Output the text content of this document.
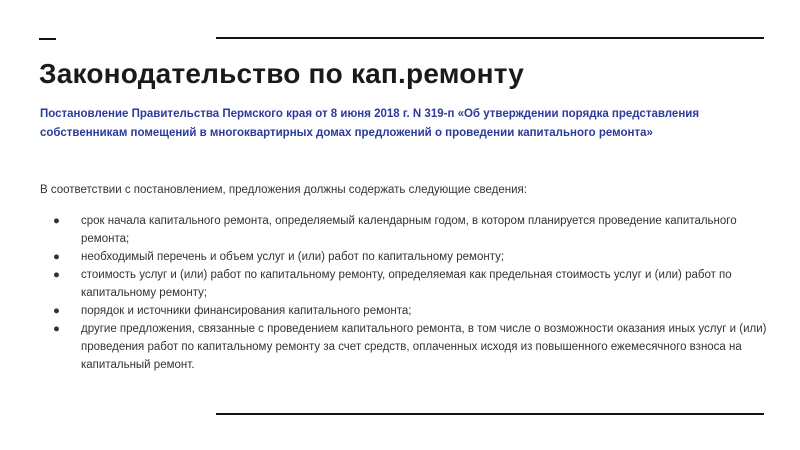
Законодательство по кап.ремонту

Постановление Правительства Пермского края от 8 июня 2018 г. N 319-п «Об утверждении порядка представления собственникам помещений в многоквартирных домах предложений о проведении капитального ремонта»

В соответствии с постановлением, предложения должны содержать следующие сведения:

● срок начала капитального ремонта, определяемый календарным годом, в котором планируется проведение капитального ремонта;
● необходимый перечень и объем услуг и (или) работ по капитальному ремонту;
● стоимость услуг и (или) работ по капитальному ремонту, определяемая как предельная стоимость услуг и (или) работ по капитальному ремонту;
● порядок и источники финансирования капитального ремонта;
● другие предложения, связанные с проведением капитального ремонта, в том числе о возможности оказания иных услуг и (или) проведения работ по капитальному ремонту за счет средств, оплаченных исходя из повышенного ежемесячного взноса на капитальный ремонт.
